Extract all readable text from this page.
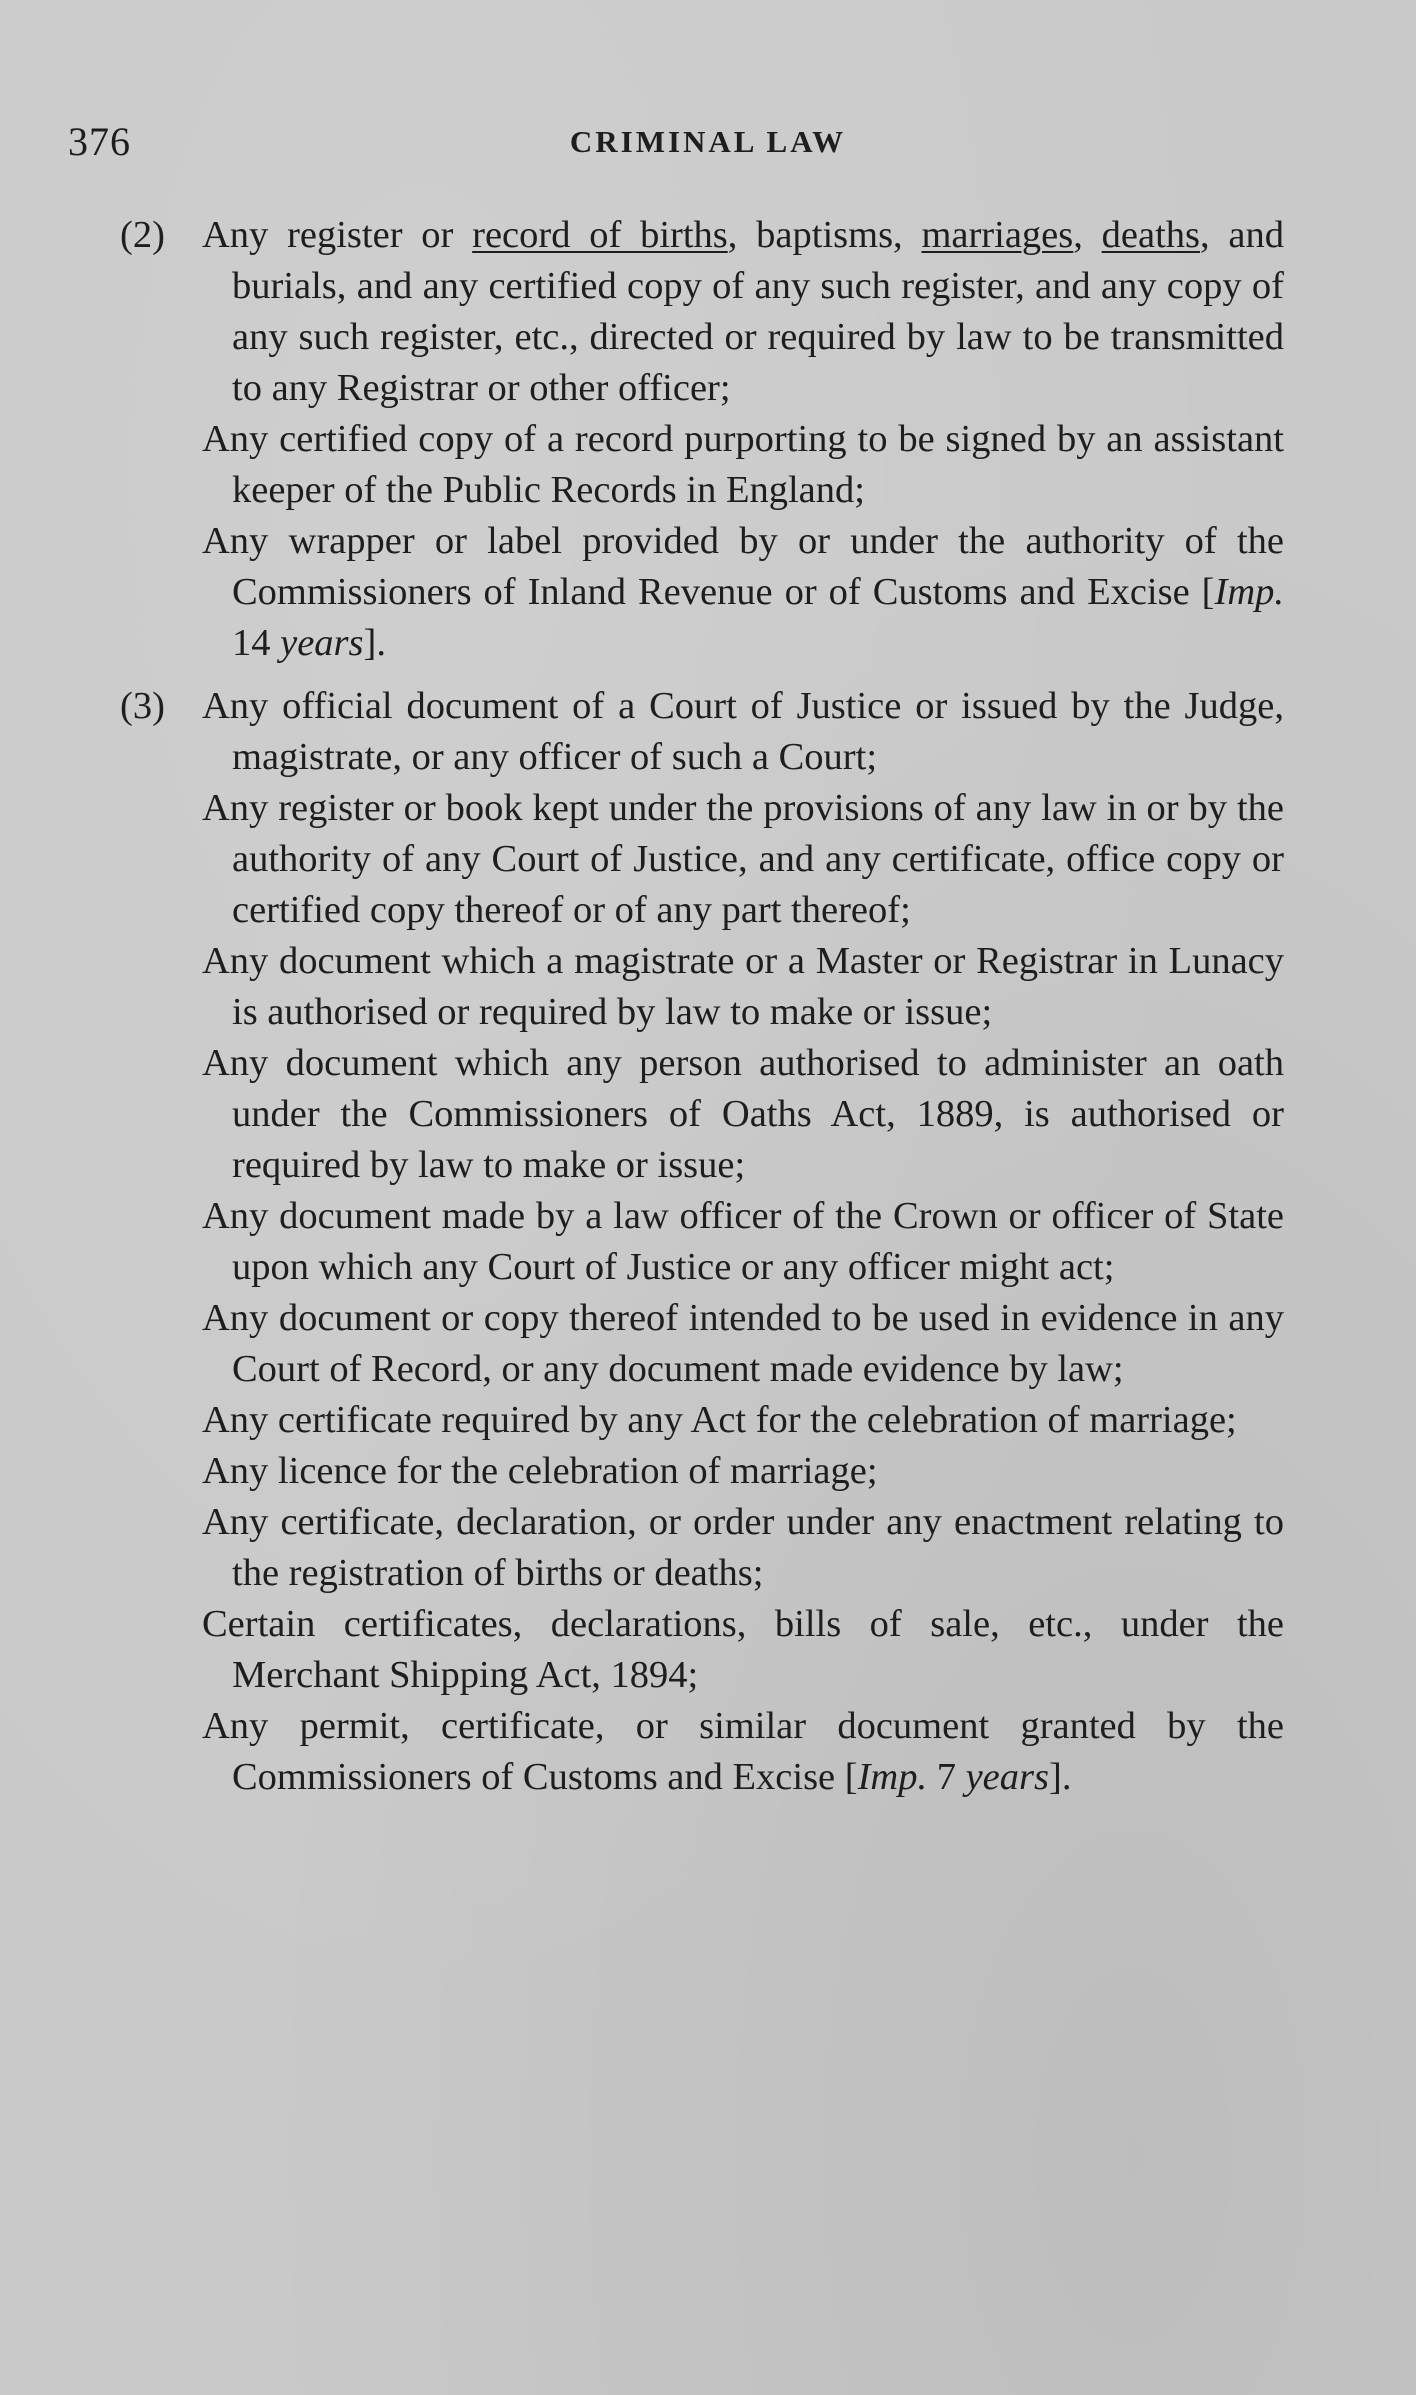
376	CRIMINAL LAW
(2) Any register or record of births, baptisms, marriages, deaths, and burials, and any certified copy of any such register, and any copy of any such register, etc., directed or required by law to be transmitted to any Registrar or other officer;
Any certified copy of a record purporting to be signed by an assistant keeper of the Public Records in England;
Any wrapper or label provided by or under the authority of the Commissioners of Inland Revenue or of Customs and Excise [Imp. 14 years].
(3) Any official document of a Court of Justice or issued by the Judge, magistrate, or any officer of such a Court;
Any register or book kept under the provisions of any law in or by the authority of any Court of Justice, and any certificate, office copy or certified copy thereof or of any part thereof;
Any document which a magistrate or a Master or Registrar in Lunacy is authorised or required by law to make or issue;
Any document which any person authorised to administer an oath under the Commissioners of Oaths Act, 1889, is authorised or required by law to make or issue;
Any document made by a law officer of the Crown or officer of State upon which any Court of Justice or any officer might act;
Any document or copy thereof intended to be used in evidence in any Court of Record, or any document made evidence by law;
Any certificate required by any Act for the celebration of marriage;
Any licence for the celebration of marriage;
Any certificate, declaration, or order under any enactment relating to the registration of births or deaths;
Certain certificates, declarations, bills of sale, etc., under the Merchant Shipping Act, 1894;
Any permit, certificate, or similar document granted by the Commissioners of Customs and Excise [Imp. 7 years].
